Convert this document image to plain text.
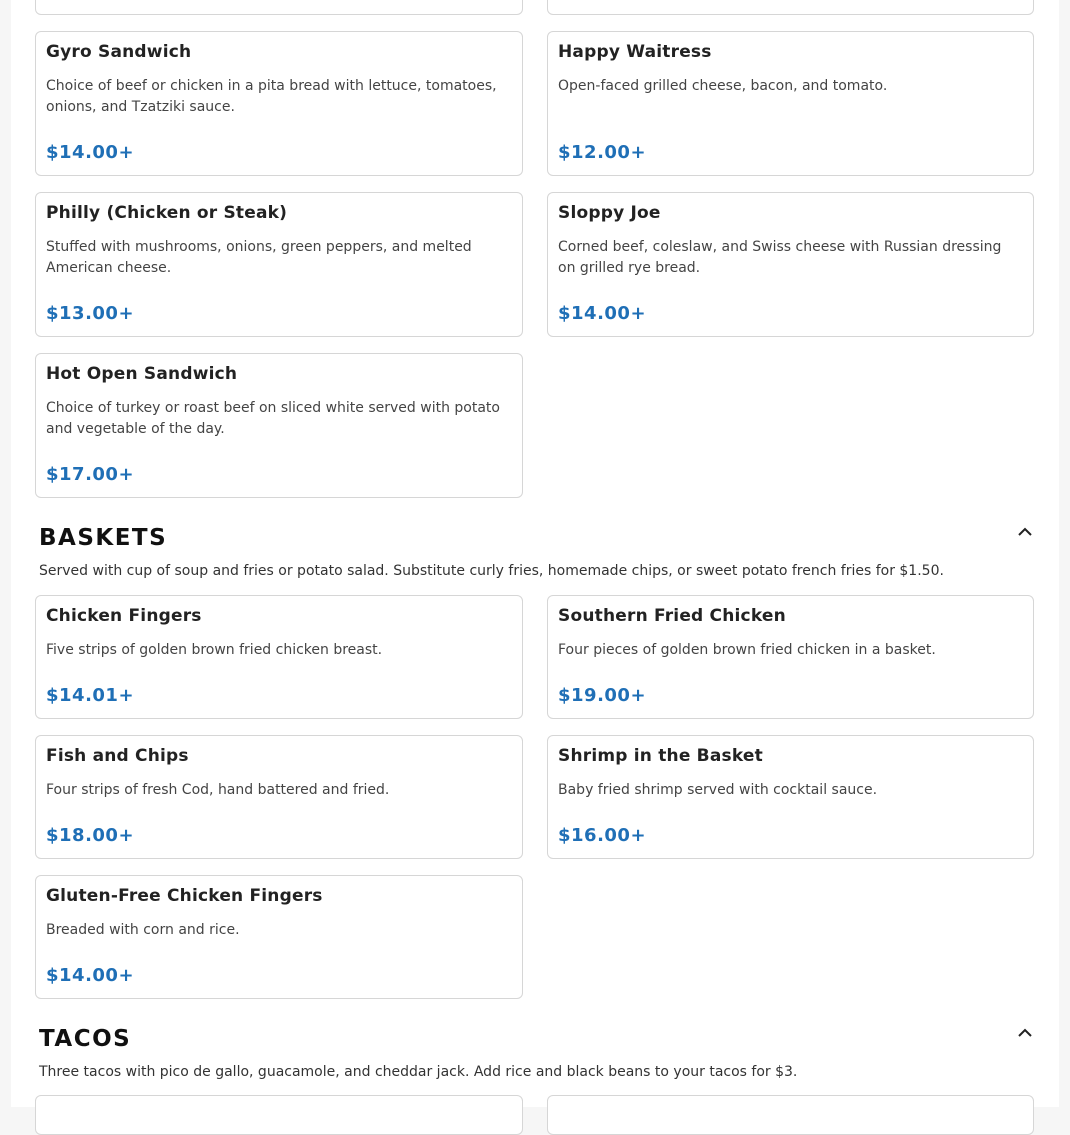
Gyro Sandwich
Choice of beef or chicken in a pita bread with lettuce, tomatoes, onions, and Tzatziki sauce.
$14.00+
Happy Waitress
Open-faced grilled cheese, bacon, and tomato.
$12.00+
Philly (Chicken or Steak)
Stuffed with mushrooms, onions, green peppers, and melted American cheese.
$13.00+
Sloppy Joe
Corned beef, coleslaw, and Swiss cheese with Russian dressing on grilled rye bread.
$14.00+
Hot Open Sandwich
Choice of turkey or roast beef on sliced white served with potato and vegetable of the day.
$17.00+
BASKETS
Served with cup of soup and fries or potato salad. Substitute curly fries, homemade chips, or sweet potato french fries for $1.50.
Chicken Fingers
Five strips of golden brown fried chicken breast.
$14.01+
Southern Fried Chicken
Four pieces of golden brown fried chicken in a basket.
$19.00+
Fish and Chips
Four strips of fresh Cod, hand battered and fried.
$18.00+
Shrimp in the Basket
Baby fried shrimp served with cocktail sauce.
$16.00+
Gluten-Free Chicken Fingers
Breaded with corn and rice.
$14.00+
TACOS
Three tacos with pico de gallo, guacamole, and cheddar jack. Add rice and black beans to your tacos for $3.
